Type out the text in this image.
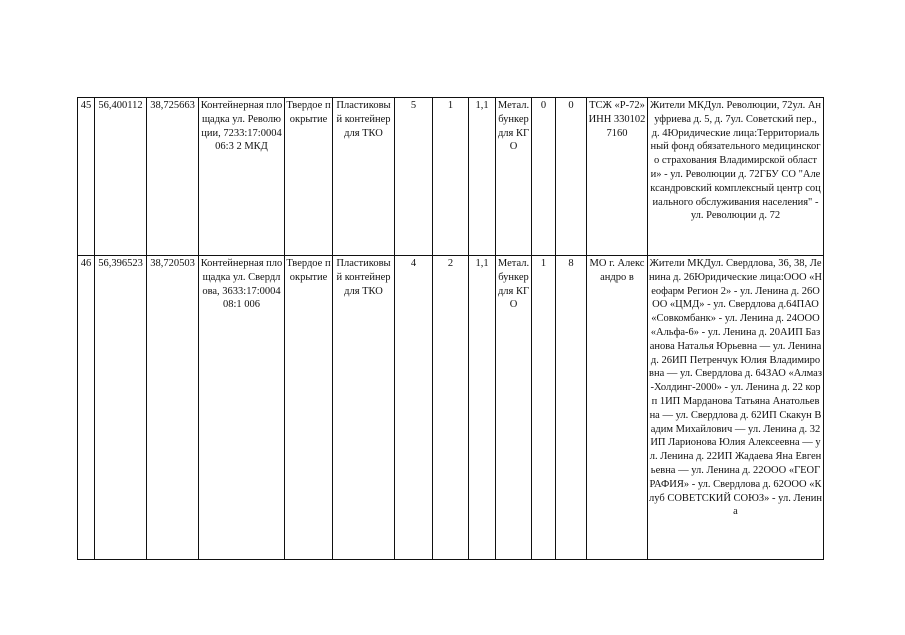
45	56,400112	38,725663	Контейнерная площадка ул. Революции, 7233:17:000406:3 2 МКД	Твердое покрытие	Пластиковы й контейнер для ТКО	5	1	1,1	Метал. бункер для КГО	0	0	ТСЖ «Р-72» ИНН 3301027160	Жители МКДул. Революции, 72ул. Ануфриева д. 5, д. 7ул. Советский пер., д. 4Юридические лица:Территориальный фонд обязательного медицинского страхования Владимирской области» - ул. Революции д. 72ГБУ СО "Александровский комплексный центр социального обслуживания населения" - ул. Революции д. 72

46	56,396523	38,720503	Контейнерная площадка ул. Свердлова, 3633:17:000408:1 006	Твердое покрытие	Пластиковы й контейнер для ТКО	4	2	1,1	Метал. бункер для КГО	1	8	МО г. Александро в	Жители МКДул. Свердлова, 36, 38, Ленина д. 26Юридические лица:ООО «Неофарм Регион 2» - ул. Ленина д. 26ООО «ЦМД» - ул. Свердлова д.64ПАО «Совкомбанк» - ул. Ленина д. 24ООО «Альфа-6» - ул. Ленина д. 20АИП Базанова Наталья Юрьевна — ул. Ленина д. 26ИП Петренчук Юлия Владимировна — ул. Свердлова д. 64ЗАО «Алмаз-Холдинг-2000» - ул. Ленина д. 22 корп 1ИП Марданова Татьяна Анатольевна — ул. Свердлова д. 62ИП Скакун Вадим Михайлович — ул. Ленина д. 32ИП Ларионова Юлия Алексеевна — ул. Ленина д. 22ИП Жадаева Яна Евгеньевна — ул. Ленина д. 22ООО «ГЕОГРАФИЯ» - ул. Свердлова д. 62ООО «Клуб СОВЕТСКИЙ СОЮЗ» - ул. Ленина
